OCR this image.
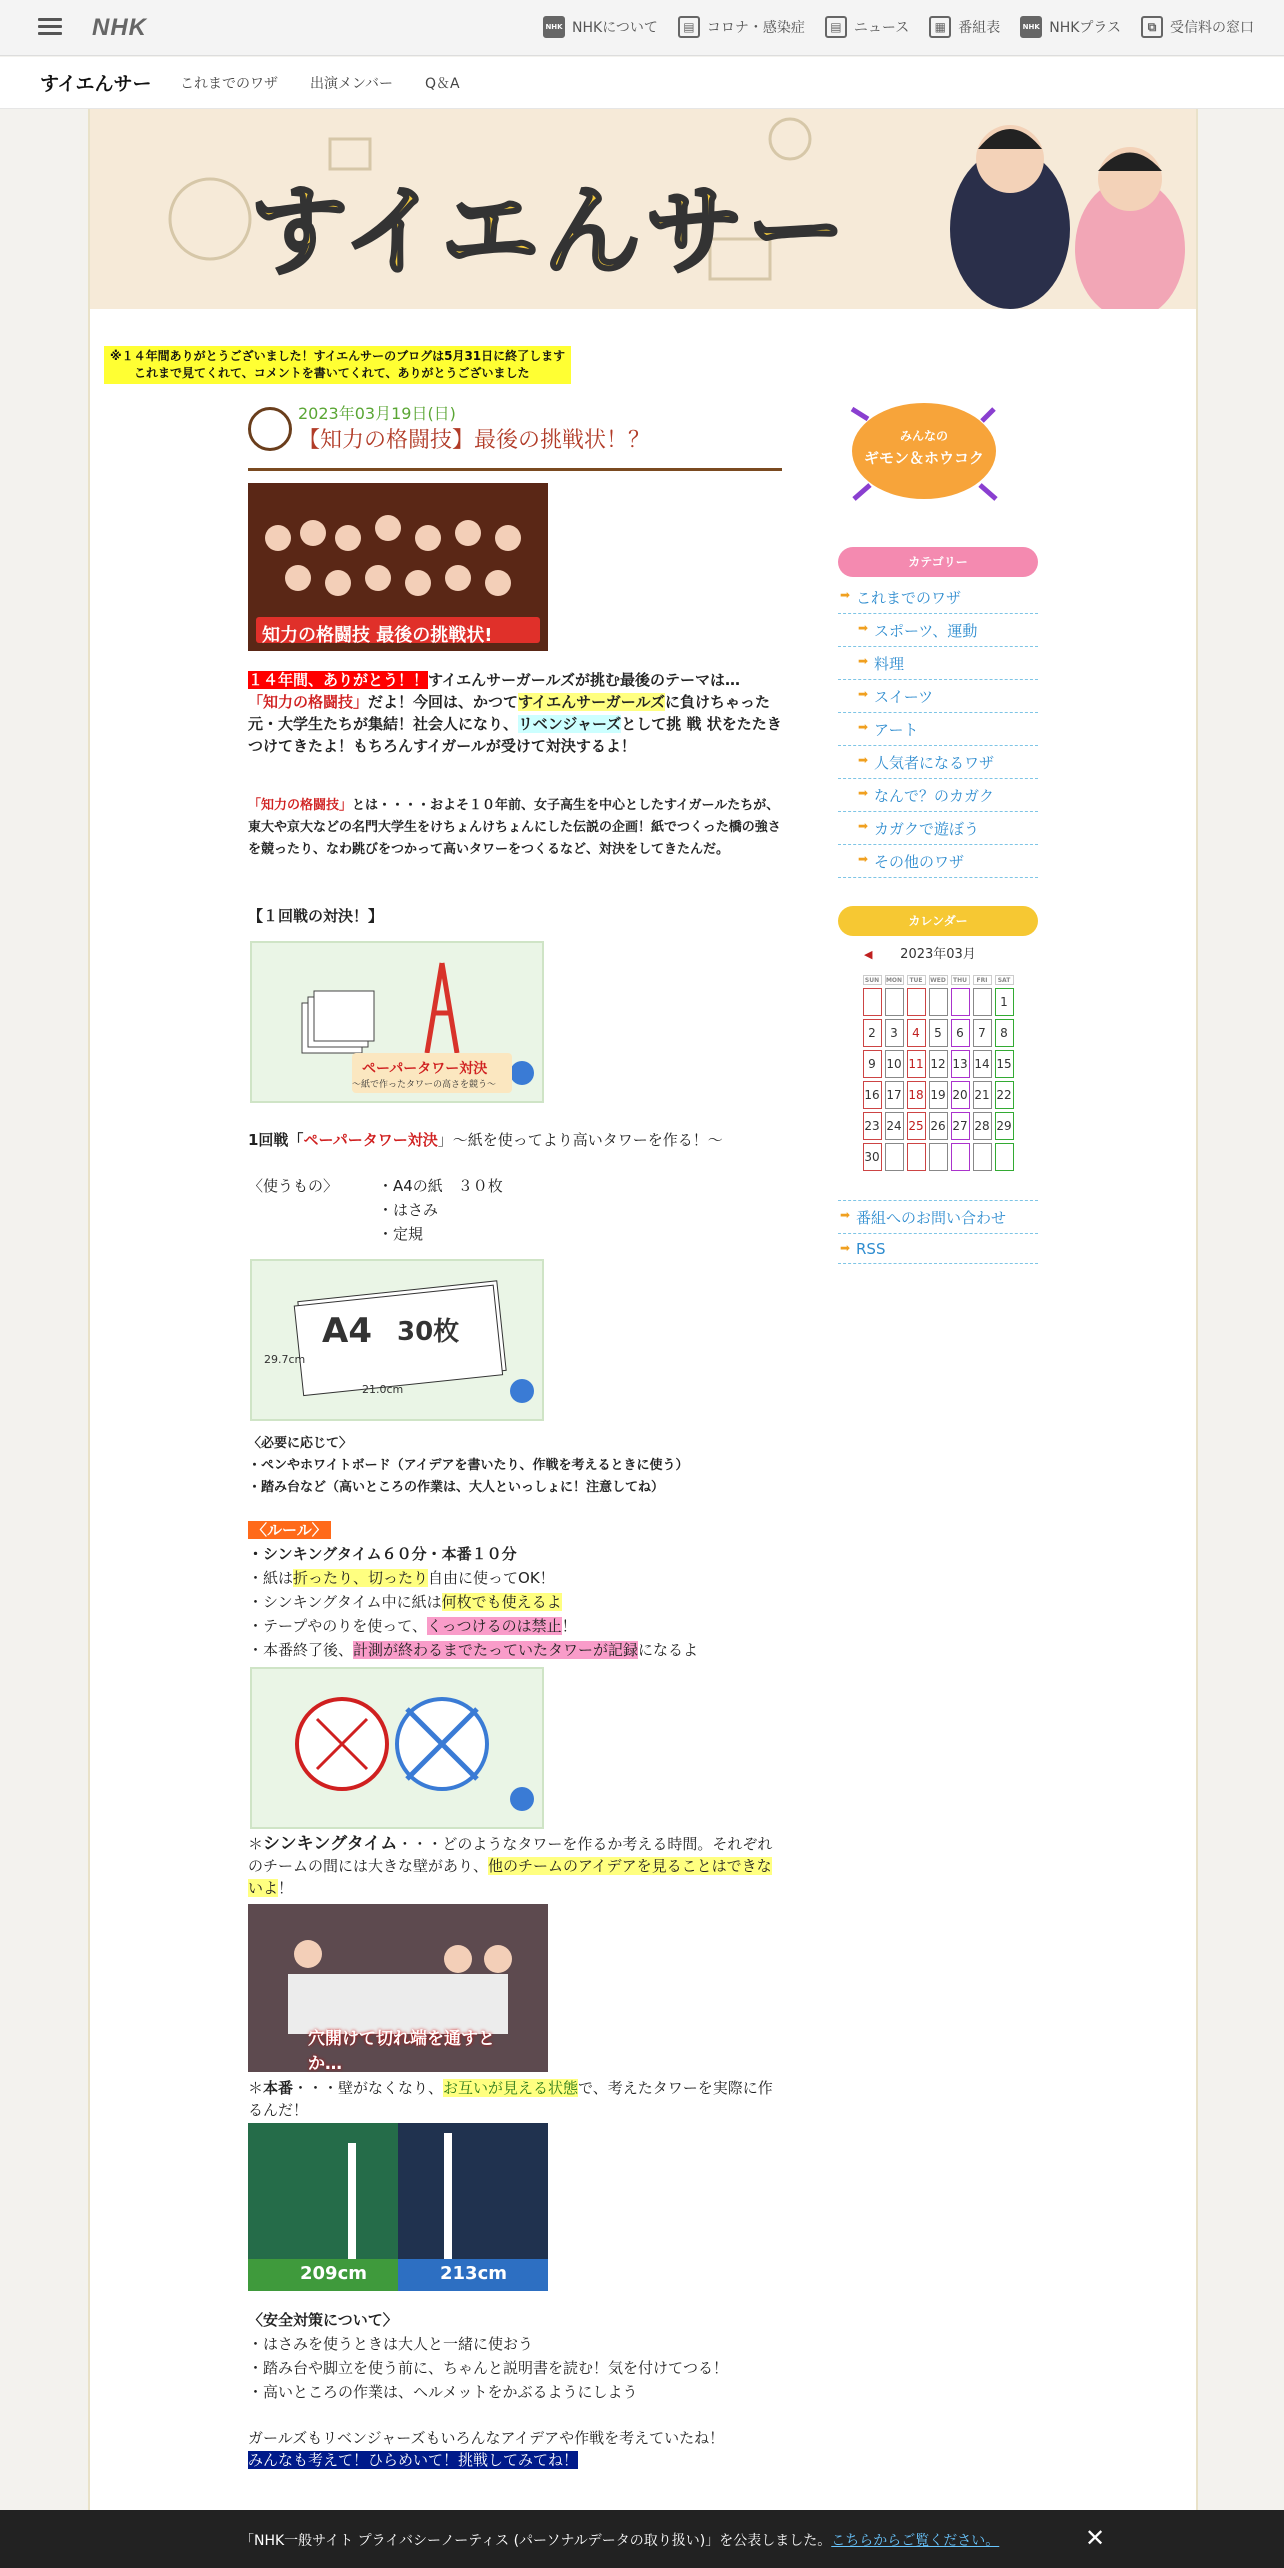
NHK	NHK NHKについて	▤ コロナ・感染症	▤ ニュース	▦ 番組表	NHK NHKプラス	⧉ 受信料の窓口
すイエんサー これまでのワザ 出演メンバー Q＆A
すイエんサー
※１４年間ありがとうございました！すイエんサーのブログは5月31日に終了します
これまで見てくれて、コメントを書いてくれて、ありがとうございました
2023年03月19日(日)
【知力の格闘技】最後の挑戦状！？
知力の格闘技 最後の挑戦状!

１４年間、ありがとう！！すイエんサーガールズが挑む最後のテーマは…
「知力の格闘技」だよ！今回は、かつてすイエんサーガールズに負けちゃった元・大学生たちが集結！社会人になり、リベンジャーズとして挑 戦 状をたたきつけてきたよ！もちろんすイガールが受けて対決するよ！

「知力の格闘技」とは・・・・およそ１０年前、女子高生を中心としたすイガールたちが、東大や京大などの名門大学生をけちょんけちょんにした伝説の企画！紙でつくった橋の強さを競ったり、なわ跳びをつかって高いタワーをつくるなど、対決をしてきたんだ。

【１回戦の対決！】

ペーパータワー対決
～紙で作ったタワーの高さを競う～

1回戦「ペーパータワー対決」～紙を使ってより高いタワーを作る！～

〈使うもの〉	・A4の紙　３０枚

・はさみ

・定規

A4 30枚
29.7cm
21.0cm

〈必要に応じて〉

・ペンやホワイトボード（アイデアを書いたり、作戦を考えるときに使う）

・踏み台など（高いところの作業は、大人といっしょに！注意してね）

〈ルール〉

・シンキングタイム６０分・本番１０分

・紙は折ったり、切ったり自由に使ってOK！

・シンキングタイム中に紙は何枚でも使えるよ

・テープやのりを使って、くっつけるのは禁止！

・本番終了後、計測が終わるまでたっていたタワーが記録になるよ

＊シンキングタイム・・・どのようなタワーを作るか考える時間。それぞれのチームの間には大きな壁があり、他のチームのアイデアを見ることはできないよ！

穴開けて切れ端を通すとか…

＊本番・・・壁がなくなり、お互いが見える状態で、考えたタワーを実際に作るんだ！

209cm	213cm

〈安全対策について〉

・はさみを使うときは大人と一緒に使おう

・踏み台や脚立を使う前に、ちゃんと説明書を読む！気を付けてつる！

・高いところの作業は、ヘルメットをかぶるようにしよう

ガールズもリベンジャーズもいろんなアイデアや作戦を考えていたね！

みんなも考えて！ひらめいて！挑戦してみてね！

みんなの
ギモン＆ホウコク
カテゴリー
➡ これまでのワザ
➡ スポーツ、運動
➡ 料理
➡ スイーツ
➡ アート
➡ 人気者になるワザ
➡ なんで？のカガク
➡ カガクで遊ぼう
➡ その他のワザ
カレンダー
◀ 2023年03月
SUN	MON	TUE	WED	THU	FRI	SAT
						1
2	3	4	5	6	7	8
9	10	11	12	13	14	15
16	17	18	19	20	21	22
23	24	25	26	27	28	29
30						
➡ 番組へのお問い合わせ
➡ RSS
「NHK一般サイト プライバシーノーティス (パーソナルデータの取り扱い)」を公表しました。こちらからご覧ください。	✕
